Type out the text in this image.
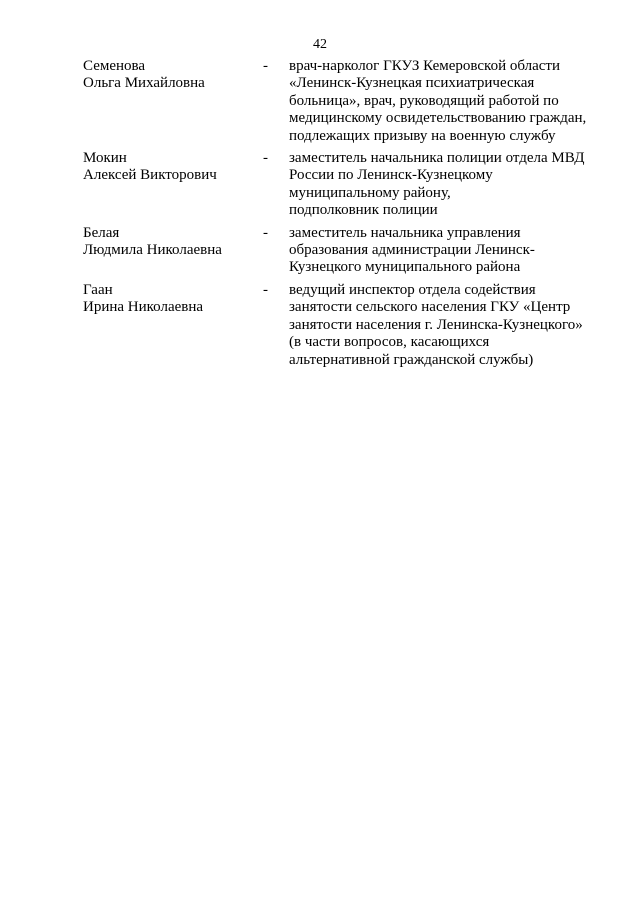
42
Семенова
Ольга Михайловна
-	врач-нарколог ГКУЗ Кемеровской области
«Ленинск-Кузнецкая психиатрическая
больница», врач, руководящий работой по
медицинскому освидетельствованию граждан,
подлежащих призыву на военную службу
Мокин
Алексей Викторович
-	заместитель начальника полиции отдела МВД
России по Ленинск-Кузнецкому
муниципальному району,
подполковник полиции
Белая
Людмила Николаевна
-	заместитель начальника управления
образования администрации Ленинск-
Кузнецкого муниципального района
Гаан
Ирина Николаевна
-	ведущий инспектор отдела содействия
занятости сельского населения ГКУ «Центр
занятости населения г. Ленинска-Кузнецкого»
(в части вопросов, касающихся
альтернативной гражданской службы)
